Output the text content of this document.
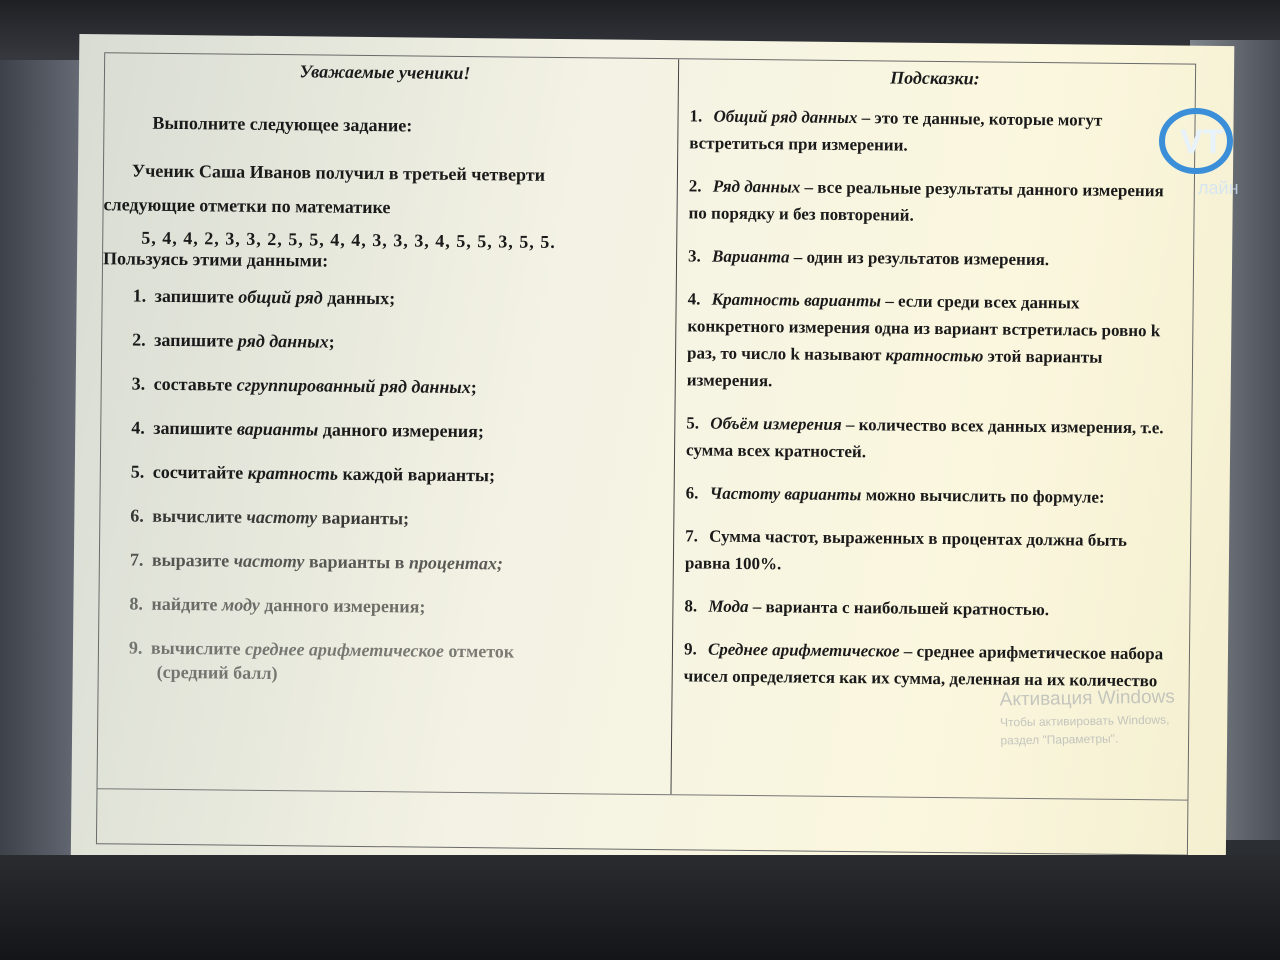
Уважаемые ученики!
Выполните следующее задание:
Ученик Саша Иванов получил в третьей четверти
следующие отметки по математике
5, 4, 4, 2, 3, 3, 2, 5, 5, 4, 4, 3, 3, 3, 4, 5, 5, 3, 5, 5.
Пользуясь этими данными:
1. запишите общий ряд данных;
2. запишите ряд данных;
3. составьте сгруппированный ряд данных;
4. запишите варианты данного измерения;
5. сосчитайте кратность каждой варианты;
6. вычислите частоту варианты;
7. выразите частоту варианты в процентах;
8. найдите моду данного измерения;
9. вычислите среднее арифметическое отметок
(средний балл)
Подсказки:
1. Общий ряд данных – это те данные, которые могут встретиться при измерении.
2. Ряд данных – все реальные результаты данного измерения по порядку и без повторений.
3. Варианта – один из результатов измерения.
4. Кратность варианты – если среди всех данных конкретного измерения одна из вариант встретилась ровно k раз, то число k называют кратностью этой варианты измерения.
5. Объём измерения – количество всех данных измерения, т.е. сумма всех кратностей.
6. Частоту варианты можно вычислить по формуле:
7. Сумма частот, выраженных в процентах должна быть равна 100%.
8. Мода – варианта с наибольшей кратностью.
9. Среднее арифметическое – среднее арифметическое набора чисел определяется как их сумма, деленная на их количество
VT
лайн
Активация Windows
Чтобы активировать Windows,
раздел "Параметры".
